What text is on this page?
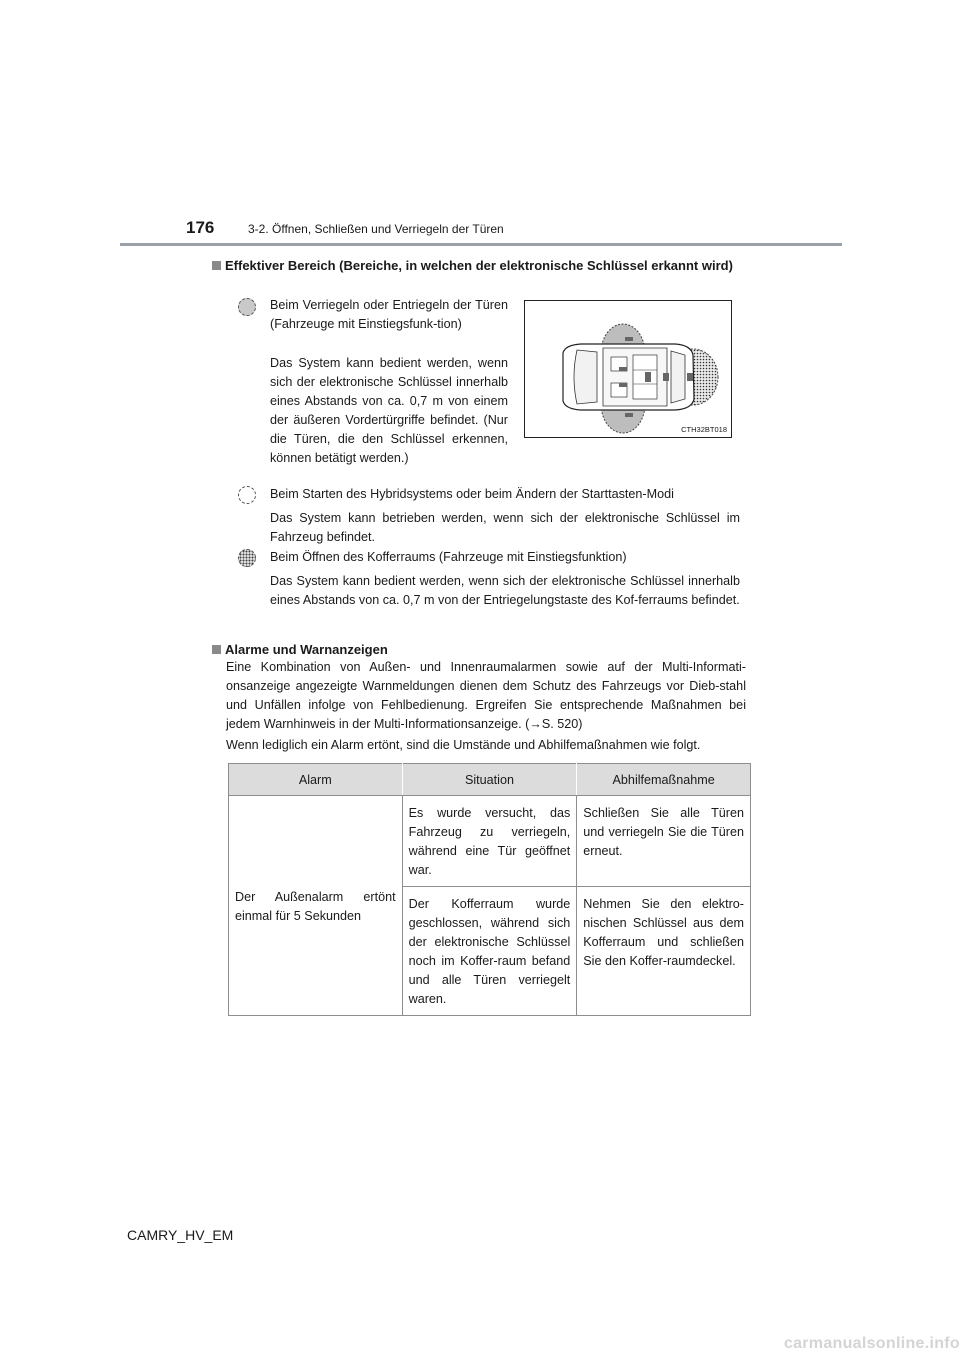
176	3-2. Öffnen, Schließen und Verriegeln der Türen
Effektiver Bereich (Bereiche, in welchen der elektronische Schlüssel erkannt wird)
Beim Verriegeln oder Entriegeln der Türen (Fahrzeuge mit Einstiegsfunk-tion)
Das System kann bedient werden, wenn sich der elektronische Schlüssel innerhalb eines Abstands von ca. 0,7 m von einem der äußeren Vordertürgriffe befindet. (Nur die Türen, die den Schlüssel erkennen, können betätigt werden.)
CTH32BT018
Beim Starten des Hybridsystems oder beim Ändern der Starttasten-Modi
Das System kann betrieben werden, wenn sich der elektronische Schlüssel im Fahrzeug befindet.
Beim Öffnen des Kofferraums (Fahrzeuge mit Einstiegsfunktion)
Das System kann bedient werden, wenn sich der elektronische Schlüssel innerhalb eines Abstands von ca. 0,7 m von der Entriegelungstaste des Kof-ferraums befindet.
Alarme und Warnanzeigen
Eine Kombination von Außen- und Innenraumalarmen sowie auf der Multi-Informati-onsanzeige angezeigte Warnmeldungen dienen dem Schutz des Fahrzeugs vor Dieb-stahl und Unfällen infolge von Fehlbedienung. Ergreifen Sie entsprechende Maßnahmen bei jedem Warnhinweis in der Multi-Informationsanzeige. (→S. 520)
Wenn lediglich ein Alarm ertönt, sind die Umstände und Abhilfemaßnahmen wie folgt.
Alarm	Situation	Abhilfemaßnahme
Der Außenalarm ertönt einmal für 5 Sekunden	Es wurde versucht, das Fahrzeug zu verriegeln, während eine Tür geöffnet war.	Schließen Sie alle Türen und verriegeln Sie die Türen erneut.
	Der Kofferraum wurde geschlossen, während sich der elektronische Schlüssel noch im Koffer-raum befand und alle Türen verriegelt waren.	Nehmen Sie den elektro-nischen Schlüssel aus dem Kofferraum und schließen Sie den Koffer-raumdeckel.
CAMRY_HV_EM
carmanualsonline.info
